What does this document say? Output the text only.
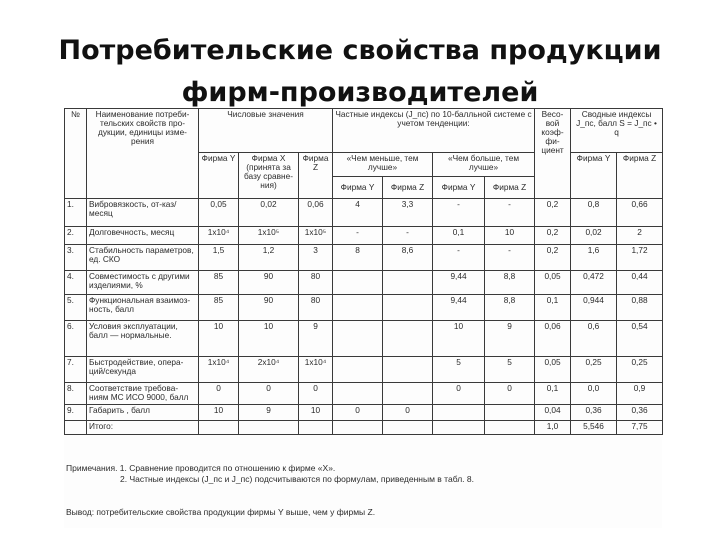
Потребительские свойства продукции
фирм-производителей
№	Наименование потреби-тельских свойств про-дукции, единицы изме-рения	Числовые значения			Частные индексы (J_пс) по 10-балльной системе с учетом тенденции:				Весо-вой коэф-фи-циент	Сводные индексы J_пс, балл S = J_пс • q	
		Фирма Y	Фирма X (принята за базу сравне-ния)	Фирма Z	«Чем меньше, тем лучше»		«Чем больше, тем лучше»			Фирма Y	Фирма Z
					Фирма Y	Фирма Z	Фирма Y	Фирма Z			
1.	Вибровязкость, от-каз/месяц	0,05	0,02	0,06	4	3,3	-	-	0,2	0,8	0,66
2.	Долговечность, месяц	1х10⁴	1х10⁵	1х10⁵	-	-	0,1	10	0,2	0,02	2
3.	Стабильность параметров, ед. СКО	1,5	1,2	3	8	8,6	-	-	0,2	1,6	1,72
4.	Совместимость с другими изделиями, %	85	90	80			9,44	8,8	0,05	0,472	0,44
5.	Функциональная взаимоз-ность, балл	85	90	80			9,44	8,8	0,1	0,944	0,88
6.	Условия эксплуатации, балл — нормальные.	10	10	9			10	9	0,06	0,6	0,54
7.	Быстродействие, опера-ций/секунда	1х10⁴	2х10⁴	1х10⁴			5	5	0,05	0,25	0,25
8.	Соответствие требова-ниям МС ИСО 9000, балл	0	0	0			0	0	0,1	0,0	0,9
9.	Габарить , балл	10	9	10	0	0			0,04	0,36	0,36
	Итого:								1,0	5,546	7,75
Примечания. 1. Сравнение проводится по отношению к фирме «Х».
2. Частные индексы (J_пс и J_пс) подсчитываются по формулам, приведенным в табл. 8.
Вывод: потребительские свойства продукции фирмы Y выше, чем у фирмы Z.
